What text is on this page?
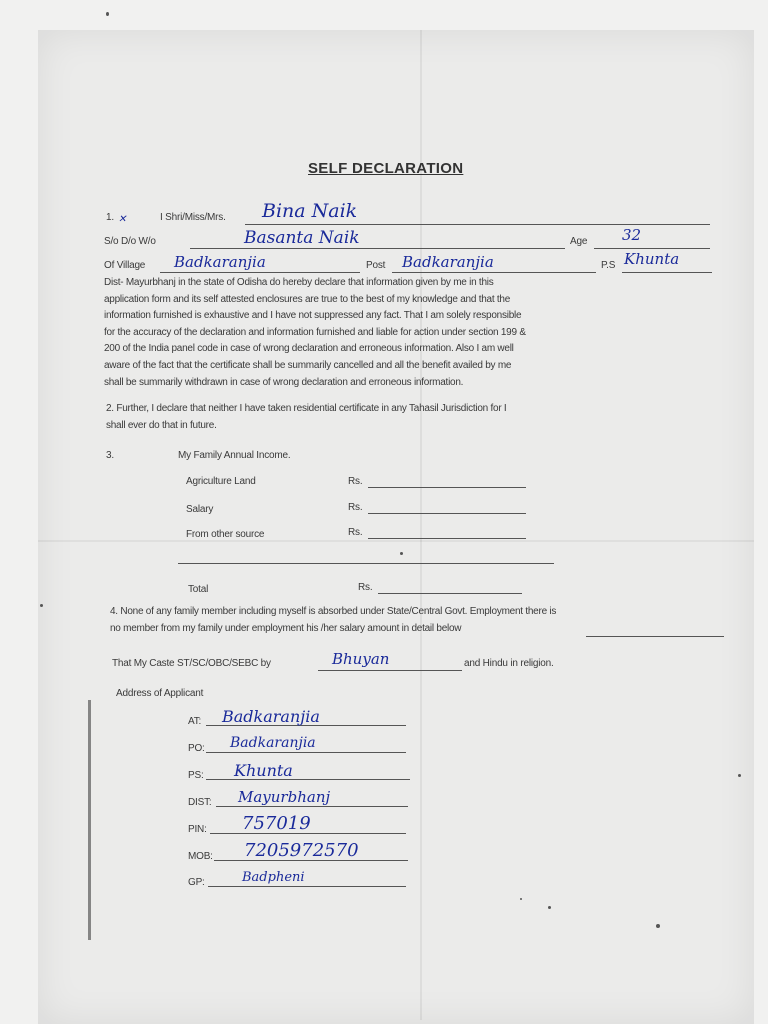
SELF DECLARATION
1. ✕	I Shri/Miss/Mrs. Bina Naik
S/o D/o W/o	Basanta Naik	Age 32
Of Village Badkaranjia	Post Badkaranjia	P.S Khunta
Dist- Mayurbhanj in the state of Odisha do hereby declare that information given by me in this
application form and its self attested enclosures are true to the best of my knowledge and that the
information furnished is exhaustive and I have not suppressed any fact. That I am solely responsible
for the accuracy of the declaration and information furnished and liable for action under section 199 &
200 of the India panel code in case of wrong declaration and erroneous information. Also I am well
aware of the fact that the certificate shall be summarily cancelled and all the benefit availed by me
shall be summarily withdrawn in case of wrong declaration and erroneous information.
2. Further, I declare that neither I have taken residential certificate in any Tahasil Jurisdiction for I
shall ever do that in future.
3.	My Family Annual Income.
Agriculture Land	Rs.
Salary	Rs.
From other source	Rs.
Total	Rs.
4. None of any family member including myself is absorbed under State/Central Govt. Employment there is
no member from my family under employment his /her salary amount in detail below
That My Caste ST/SC/OBC/SEBC by	Bhuyan	and Hindu in religion.
Address of Applicant
AT: Badkaranjia
PO: Badkaranjia
PS: Khunta
DIST: Mayurbhanj
PIN: 757019
MOB: 7205972570
GP:	Badpheni
